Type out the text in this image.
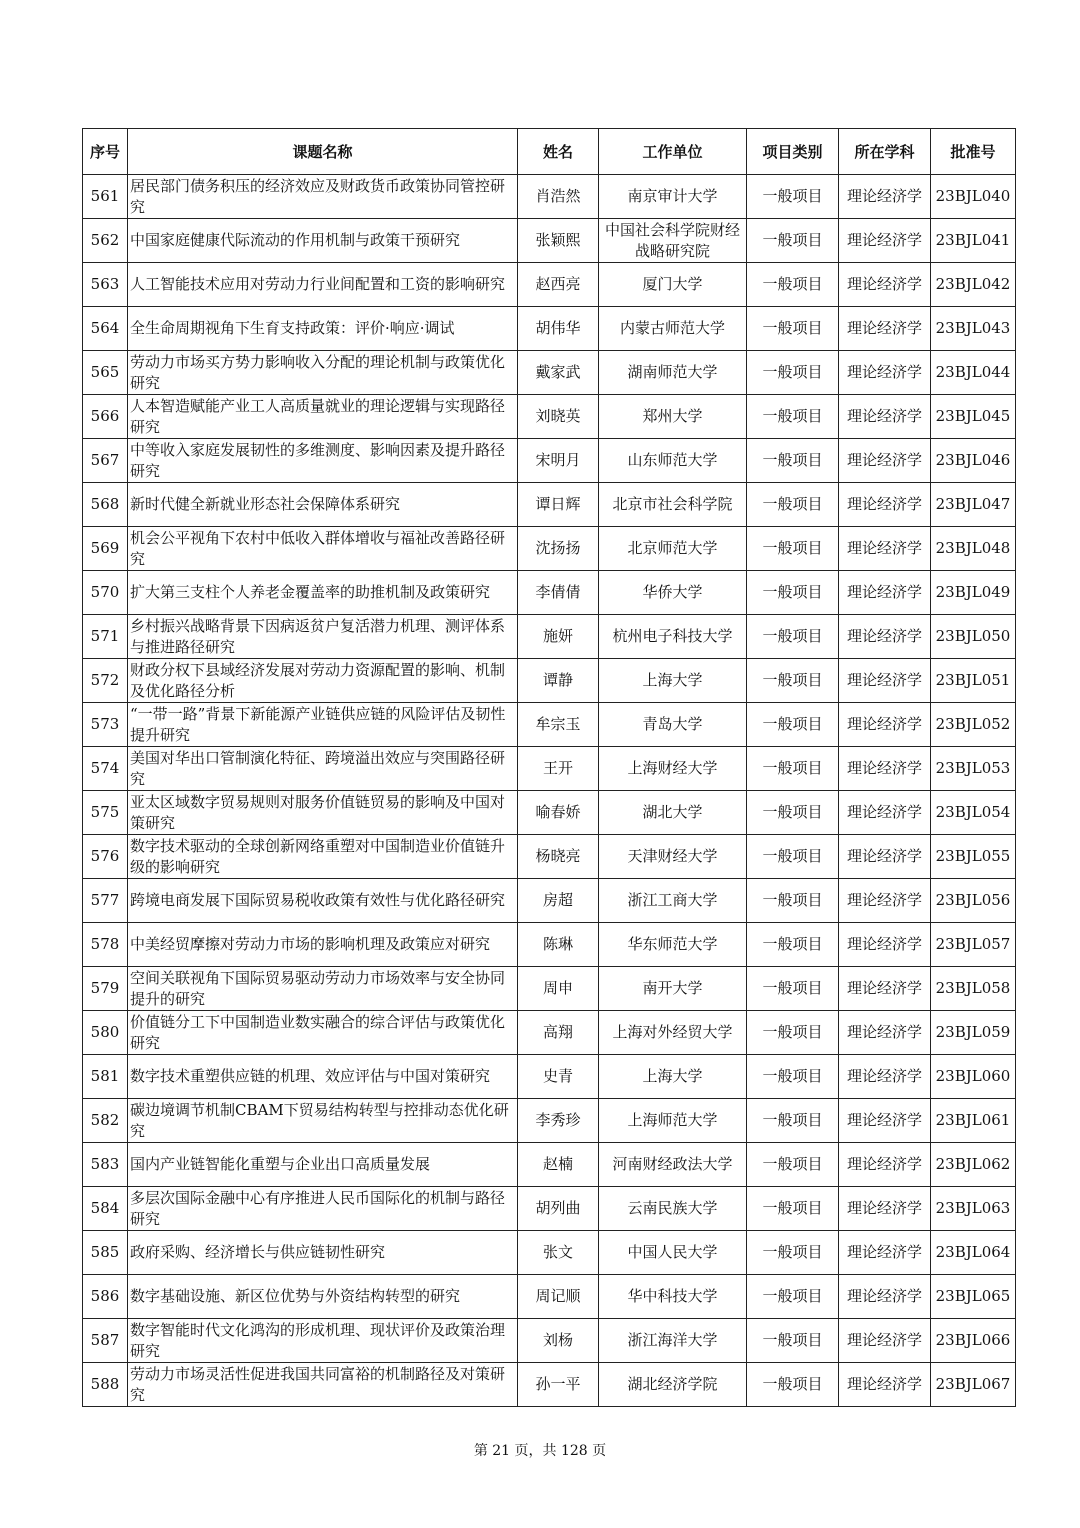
序号	课题名称	姓名	工作单位	项目类别	所在学科	批准号
561	居民部门债务积压的经济效应及财政货币政策协同管控研究	肖浩然	南京审计大学	一般项目	理论经济学	23BJL040
562	中国家庭健康代际流动的作用机制与政策干预研究	张颖熙	中国社会科学院财经战略研究院	一般项目	理论经济学	23BJL041
563	人工智能技术应用对劳动力行业间配置和工资的影响研究	赵西亮	厦门大学	一般项目	理论经济学	23BJL042
564	全生命周期视角下生育支持政策：评价·响应·调试	胡伟华	内蒙古师范大学	一般项目	理论经济学	23BJL043
565	劳动力市场买方势力影响收入分配的理论机制与政策优化研究	戴家武	湖南师范大学	一般项目	理论经济学	23BJL044
566	人本智造赋能产业工人高质量就业的理论逻辑与实现路径研究	刘晓英	郑州大学	一般项目	理论经济学	23BJL045
567	中等收入家庭发展韧性的多维测度、影响因素及提升路径研究	宋明月	山东师范大学	一般项目	理论经济学	23BJL046
568	新时代健全新就业形态社会保障体系研究	谭日辉	北京市社会科学院	一般项目	理论经济学	23BJL047
569	机会公平视角下农村中低收入群体增收与福祉改善路径研究	沈扬扬	北京师范大学	一般项目	理论经济学	23BJL048
570	扩大第三支柱个人养老金覆盖率的助推机制及政策研究	李倩倩	华侨大学	一般项目	理论经济学	23BJL049
571	乡村振兴战略背景下因病返贫户复活潜力机理、测评体系与推进路径研究	施妍	杭州电子科技大学	一般项目	理论经济学	23BJL050
572	财政分权下县域经济发展对劳动力资源配置的影响、机制及优化路径分析	谭静	上海大学	一般项目	理论经济学	23BJL051
573	“一带一路”背景下新能源产业链供应链的风险评估及韧性提升研究	牟宗玉	青岛大学	一般项目	理论经济学	23BJL052
574	美国对华出口管制演化特征、跨境溢出效应与突围路径研究	王开	上海财经大学	一般项目	理论经济学	23BJL053
575	亚太区域数字贸易规则对服务价值链贸易的影响及中国对策研究	喻春娇	湖北大学	一般项目	理论经济学	23BJL054
576	数字技术驱动的全球创新网络重塑对中国制造业价值链升级的影响研究	杨晓亮	天津财经大学	一般项目	理论经济学	23BJL055
577	跨境电商发展下国际贸易税收政策有效性与优化路径研究	房超	浙江工商大学	一般项目	理论经济学	23BJL056
578	中美经贸摩擦对劳动力市场的影响机理及政策应对研究	陈琳	华东师范大学	一般项目	理论经济学	23BJL057
579	空间关联视角下国际贸易驱动劳动力市场效率与安全协同提升的研究	周申	南开大学	一般项目	理论经济学	23BJL058
580	价值链分工下中国制造业数实融合的综合评估与政策优化研究	高翔	上海对外经贸大学	一般项目	理论经济学	23BJL059
581	数字技术重塑供应链的机理、效应评估与中国对策研究	史青	上海大学	一般项目	理论经济学	23BJL060
582	碳边境调节机制CBAM下贸易结构转型与控排动态优化研究	李秀珍	上海师范大学	一般项目	理论经济学	23BJL061
583	国内产业链智能化重塑与企业出口高质量发展	赵楠	河南财经政法大学	一般项目	理论经济学	23BJL062
584	多层次国际金融中心有序推进人民币国际化的机制与路径研究	胡列曲	云南民族大学	一般项目	理论经济学	23BJL063
585	政府采购、经济增长与供应链韧性研究	张文	中国人民大学	一般项目	理论经济学	23BJL064
586	数字基础设施、新区位优势与外资结构转型的研究	周记顺	华中科技大学	一般项目	理论经济学	23BJL065
587	数字智能时代文化鸿沟的形成机理、现状评价及政策治理研究	刘杨	浙江海洋大学	一般项目	理论经济学	23BJL066
588	劳动力市场灵活性促进我国共同富裕的机制路径及对策研究	孙一平	湖北经济学院	一般项目	理论经济学	23BJL067
第 21 页，共 128 页
